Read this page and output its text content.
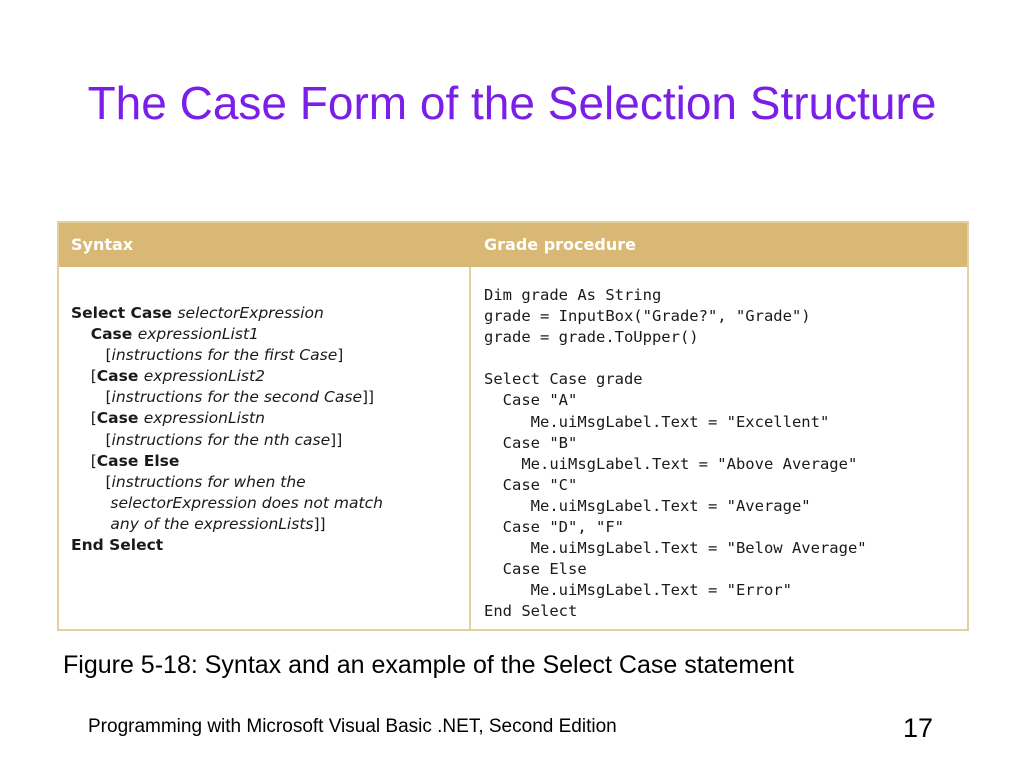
The Case Form of the Selection Structure
Syntax	Grade procedure
Select Case selectorExpression
Case expressionList1
[instructions for the first Case]
[Case expressionList2
[instructions for the second Case]]
[Case expressionListn
[instructions for the nth case]]
[Case Else
[instructions for when the
selectorExpression does not match
any of the expressionLists]]
End Select
Dim grade As String
grade = InputBox("Grade?", "Grade")
grade = grade.ToUpper()
Select Case grade
Case "A"
Me.uiMsgLabel.Text = "Excellent"
Case "B"
Me.uiMsgLabel.Text = "Above Average"
Case "C"
Me.uiMsgLabel.Text = "Average"
Case "D", "F"
Me.uiMsgLabel.Text = "Below Average"
Case Else
Me.uiMsgLabel.Text = "Error"
End Select

Figure 5-18: Syntax and an example of the Select Case statement

Programming with Microsoft Visual Basic .NET, Second Edition	17
